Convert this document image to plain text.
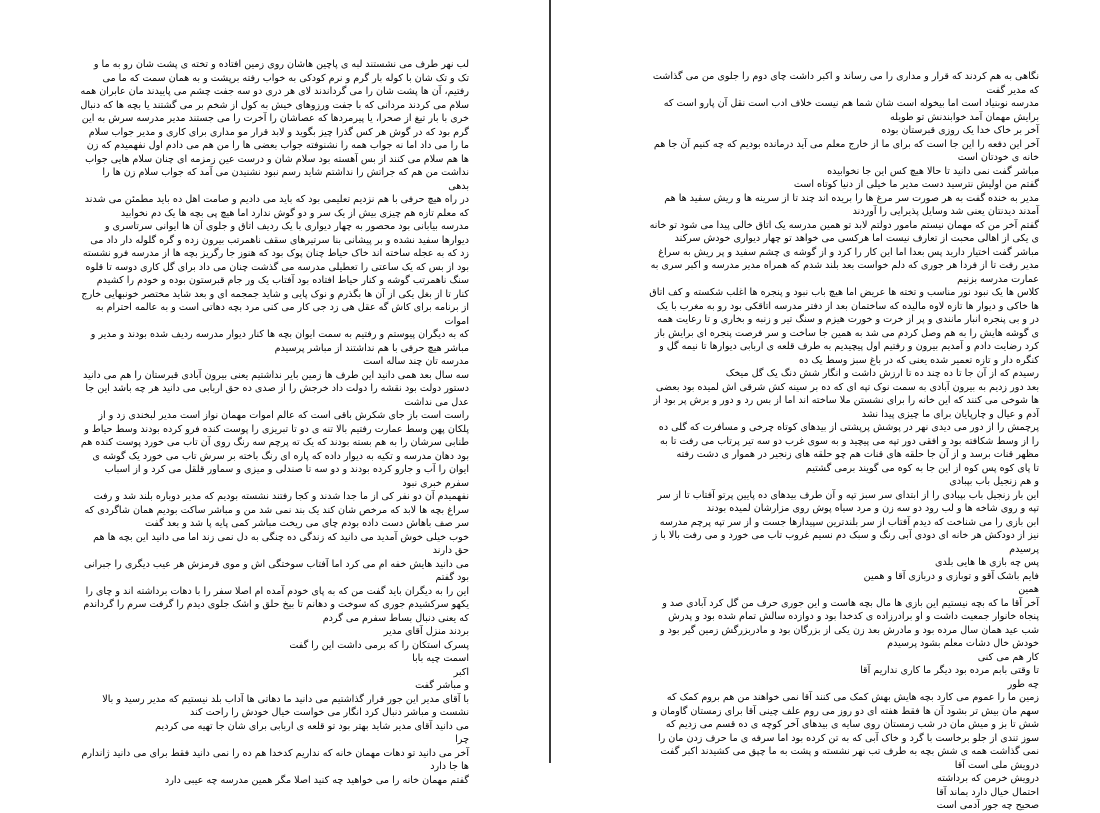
لب نهر طرف می نشستند لبه ی پاچین هاشان روی زمین افتاده و تخته ی پشت شان رو به ما و تک و تک شان با کوله بار گرم و نرم کودکی به خواب رفته برپشت و به همان سمت که ما می رفتیم، آن ها پشت شان را می گرداندند لای هر دری دو سه جفت چشم می پاییدند مان عابران همه سلام می کردند مردانی که با جفت ورزوهای خیش به کول از شخم بر می گشتند یا بچه ها که دنبال خری با بار تیغ از صحرا، یا پیرمردها که عصاشان را آخرت را می جستند مدیر مدرسه سرش به این گرم بود که در گوش هر کس گذرا چیز بگوید و لابد قرار مو مداری برای کاری و مدیر جواب سلام ما را می داد اما نه جواب همه را نشنوفته جواب بعضی ها را من هم می دادم اول نفهمیدم که زن ها هم سلام می کنند از بس آهسته بود سلام شان و درست عین زمزمه ای چنان سلام هایی جواب نداشت من هم که جراتش را نداشتم شاید رسم نبود نشنیدن می آمد که جواب سلام زن ها را بدهی

در راه هیچ حرفی با هم نزدیم تعلیمی بود که باید می دادیم و صامت اهل ده باید مطمئن می شدند که معلم تازه هم چیزی بیش از یک سر و دو گوش ندارد اما هیچ پی بچه ها یک دم نخوابید

مدرسه بیابانی بود محصور به چهار دیواری با یک ردیف اتاق و جلوی آن ها ایوانی سرتاسری و دیوارها سفید نشده و بر پیشانی بنا سرتیرهای سقف ناهمرتب بیرون زده و گره گلوله دار داد می زد که به عجله ساخته اند خاک حیاط چنان پوک بود که هنوز جا رگریز بچه ها از مدرسه فرو نشسته بود از بس که یک ساعتی را تعطیلی مدرسه می گذشت چنان می داد برای گل کاری دوسه تا قلوه سنگ ناهمرتب گوشه و کنار حیاط افتاده بود آفتاب یک ور جام قبرستون بوده و خودم را کشیدم کنار تا از بغل یکی از آن ها بگذرم و نوک پایی و شاید جمجمه ای و بعد شاید مختصر خونبهایی خارج از برنامه برای کاش گه عقل هی زد جی کار می کنی مرد بچه دهاتی است و به عالمه احترام به اموات

که به دیگران پیوستم و رفتیم به سمت ایوان بچه ها کنار دیوار مدرسه ردیف شده بودند و مدیر و مباشر هیچ حرفی با هم نداشتند از مباشر پرسیدم

مدرسه تان چند ساله است

سه سال بعد همی دانید این طرف ها زمین بایر نداشتیم یعنی بیرون آبادی قبرستان را هم می دانید دستور دولت بود نقشه را دولت داد خرجش را از صدی ده حق اربابی می دانید هر چه باشد این جا عدل می نداشت

راست است باز جای شکرش باقی است که عالم اموات مهمان نواز است مدیر لبخندی زد و از پلکان پهن وسط عمارت رفتیم بالا تنه ی دو تا تبریزی را پوست کنده فرو کرده بودند وسط حیاط و طنابی سرشان را به هم بسته بودند که یک ته پرچم سه رنگ روی آن تاب می خورد پوست کنده هم بود دهان مدرسه و تکیه به دیوار داده که پاره ای رنگ باخته بر سرش تاب می خورد یک گوشه ی ایوان را آب و جارو کرده بودند و دو سه تا صندلی و میزی و سماور قلقل می کرد و از اسباب سفرم خبری نبود

نفهمیدم آن دو نفر کی از ما جدا شدند و کجا رفتند نشسته بودیم که مدیر دوباره بلند شد و رفت سراغ بچه ها لابد که مرخص شان کند یک بند نمی شد من و مباشر ساکت بودیم همان شاگردی که سر صف باهاش دست داده بودم چای می ریخت مباشر کمی پایه پا شد و بعد گفت

خوب خیلی خوش آمدید می دانید که زندگی ده چنگی به دل نمی زند اما می دانید این بچه ها هم حق دارند

می دانید هایش خفه ام می کرد اما آفتاب سوختگی اش و موی قرمزش هر عیب دیگری را جبرانی بود گفتم

این را به دیگران باید گفت من که به پای خودم آمده ام اصلا سفر را با دهات برداشته اند و چای را یکهو سرکشیدم جوری که سوخت و دهانم تا بیخ حلق و اشک جلوی دیدم را گرفت سرم را گرداندم که یعنی دنبال بساط سفرم می گردم

بردند منزل آقای مدیر

پسرک استکان را که برمی داشت این را گفت

اسمت چیه بابا

اکبر

و مباشر گفت

با آقای مدیر این جور قرار گذاشتیم می دانید ما دهاتی ها آداب بلد نیستیم که مدیر رسید و بالا نشست و مباشر دنبال کرد انگار می خواست خیال خودش را راحت کند

می دانید آقای مدیر شاید بهتر بود تو قلعه ی اربابی برای شان جا تهیه می کردیم

چرا

آخر می دانید تو دهات مهمان خانه که نداریم کدخدا هم ده را نمی دانید فقط برای می دانید ژاندارم ها جا دارد

گفتم مهمان خانه را می خواهید چه کنید اصلا مگر همین مدرسه چه عیبی دارد

نگاهی به هم کردند که قرار و مداری را می رساند و اکبر داشت چای دوم را جلوی من می گذاشت که مدیر گفت

مدرسه نوبنیاد است اما بیخوله است شان شما هم نیست خلاف ادب است نقل آن پارو است که برایش مهمان آمد خوابندنش تو طویله

آخر بر خاک خدا یک روزی قبرستان بوده

آخر این دفعه را این جا است که برای ما از خارج معلم می آید درمانده بودیم که چه کنیم آن جا هم خانه ی خودتان است

مباشر گفت نمی دانید تا حالا هیچ کس این جا نخوابیده

گفتم من اولیش نترسید دست مدیر ما خیلی از دنیا کوتاه است

مدیر به خنده گفت به هر صورت سر مرغ ها را بریده اند چند تا از سرینه ها و ریش سفید ها هم آمدند دیدنتان یعنی شد وسایل پذیرایی را آوردند

گفتم آخر من که مهمان نیستم مامور دولتم لابد تو همین مدرسه یک اتاق خالی پیدا می شود تو خانه ی یکی از اهالی محبت از تعارف نیست اما هرکسی می خواهد تو چهار دیواری خودش سرکند

مباشر گفت اختیار دارید پس بعدا اما این کار را کرد و از گوشه ی چشم سفید و پر ریش به سراغ مدیر رفت تا از فردا هر جوری که دلم خواست بعد بلند شدم که همراه مدیر مدرسه و اکبر سری به عمارت مدرسه بزنیم

کلاس ها یک نبود نور مناسب و تخته ها عریض اما هیچ باب نبود و پنجره ها اغلب شکسته و کف اتاق ها خاکی و دیوار ها تازه لاوه مالیده که ساختمان بعد از دفتر مدرسه اتاقکی بود رو به مغرب با یک در و بی پنجره انبار مانندی و پر از خرت و خورت هیزم و سنگ تیر و زنبه و بخاری و تا رعایت همه ی گوشه هایش را به هم وصل کردم می شد به همین جا ساخت و سر فرصت پنجره ای برایش باز کرد رضایت دادم و آمدیم بیرون و رفتیم اول پیچیدیم به طرف قلعه ی اربابی دیوارها تا نیمه گل و کنگره دار و تازه تعمیر شده یعنی که در باغ سبز وسط یک ده

رسیدم که از آن جا تا ده چند ده تا ارزش داشت و انگار شش دنگ یک گل میخک

بعد دور زدیم به بیرون آبادی به سمت نوک تپه ای که ده بر سینه کش شرقی اش لمیده بود بعضی ها شوخی می کنند که این خانه را برای نشستن ملا ساخته اند اما از بس رد و دور و برش پر بود از آدم و عیال و چارپایان برای ما چیزی پیدا نشد

پرچمش را از دور می دیدی نهر در پوشش پرپشتی از بیدهای کوتاه چرخی و مسافرت که گلی ده را از وسط شکافته بود و افقی دور تپه می پیچید و به سوی غرب دو سه تیر پرتاب می رفت تا به مظهر قنات برسد و از آن جا حلقه های قنات هم چو حلقه های زنجیر در هموار ی دشت رفته

تا پای کوه پس کوه از این جا به کوه می گویند برمی گشتیم

و هم زنجیل باب بپبادی

این بار زنجیل باب بپبادی را از ابتدای سر سبز تپه و آن طرف بیدهای ده پایین پرتو آفتاب تا از سر تپه و روی شاخه ها و لب رود دو سه زن و مرد سیاه پوش روی مزارشان لمیده بودند

ابن بازی را می شناخت که دیدم آفتاب از سر بلندترین سپیدارها جست و از سر تپه پرچم مدرسه نیز از دودکش هر خانه ای دودی آبی رنگ و سبک دم نسیم غروب تاب می خورد و می رفت بالا با ز پرسیدم

پس چه بازی ها هایی بلدی

فایم باشک آقو و توبازی و دربازی آقا و همین

همین

آخر آقا ما که بچه نیستیم این بازی ها مال بچه هاست و این جوری حرف من گل کرد آبادی صد و پنجاه خانوار جمعیت داشت و او برادرزاده ی کدخدا بود و دوازده سالش تمام شده بود و پدرش شب عید همان سال مرده بود و مادرش بعد زن یکی از بزرگان بود و مادربزرگش زمین گیر بود و خودش خال دشات معلم بشود پرسیدم

کار هم می کنی

تا وقتی بابم مرده بود دیگر ما کاری نداریم آقا

چه طور

زمین ما را عموم می کارد بچه هایش بهش کمک می کنند آقا نمی خواهند من هم بروم کمک که سهم مان بیش تر بشود آن ها فقط هفته ای دو روز می روم علف چینی آقا برای زمستان گاومان و شش تا بز و میش مان در شب زمستان روی سایه ی بیدهای آخر کوچه ی ده قسم می زدیم که سوز تندی از جلو برخاست با گرد و خاک آبی که به تن کرده بود اما سرفه ی ما حرف زدن مان را نمی گذاشت همه ی شش بچه به طرف تب نهر نشسته و پشت به ما چپق می کشیدند اکبر گفت

درویش ملی است آقا

درویش خرمن که برداشته

احتمال خیال دارد بماند آقا

صحیح چه جور آدمی است
